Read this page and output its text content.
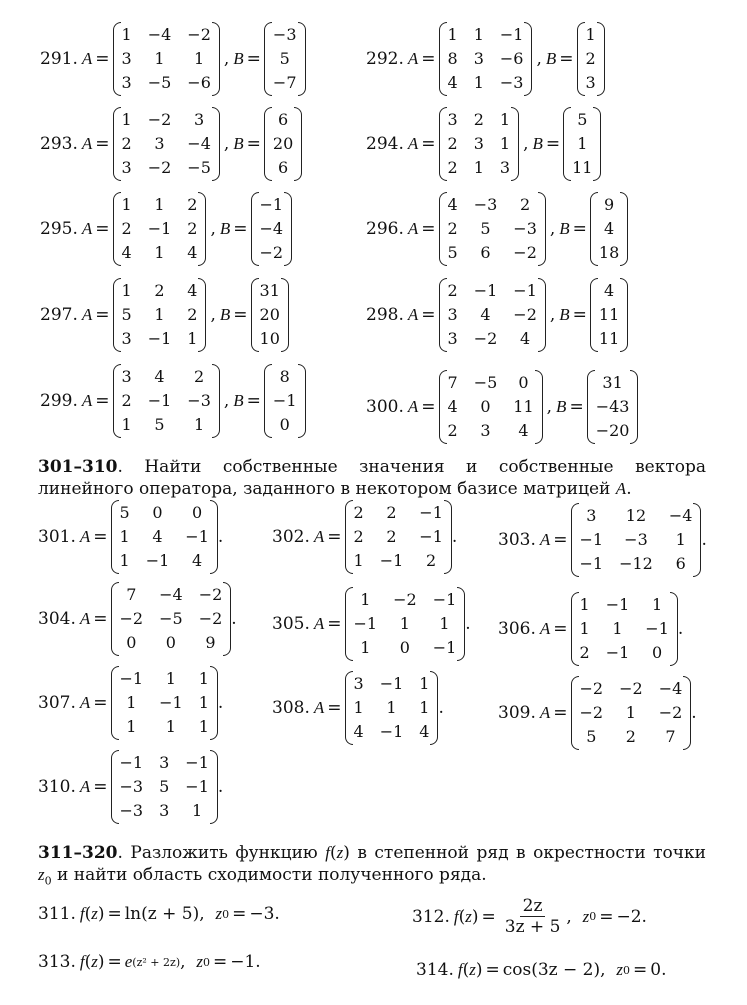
291. A =
1 −4 −2
3	1	1
3 −5 −6
, B =
−3
5
−7
292. A =
1 1 −1
8 3 −6
4 1 −3
, B =
1
2
3
293. A =
1 −2	3
2	3	−4
3 −2 −5
, B =
6
20
6
294. A =
3 2 1
2 3 1
2 1 3
, B =
5
1
11
295. A =
1	1	2
2 −1 2
4	1	4
, B =
−1
−4
−2
296. A =
4 −3	2
2	5	−3
5	6	−2
, B =
9
4
18
297. A =
1	2	4
5	1	2
3 −1 1
, B =
31
20
10
298. A =
2 −1 −1
3	4	−2
3 −2	4
, B =
4
11
11
299. A =
3	4	2
2 −1 −3
1	5	1
, B =
8
−1
0
300. A =
7 −5	0
4	0	11
2	3	4
, B =
31
−43
−20
301–310. Найти собственные значения и собственные вектора линейного оператора, заданного в некотором базисе матрицей A.
301. A =
5	0	0
1	4	−1
1 −1	4
.	302. A =
2	2	−1
2	2	−1
1 −1	2
. 303. A =
3	12	−4
−1	−3	1
−1 −12	6
.
304. A =
7	−4 −2
−2 −5 −2
0	0	9
. 305. A =
1	−2 −1
−1	1	1
1	0	−1
. 306. A =
1 −1	1
1	1	−1
2 −1	0
.
307. A =
−1	1	1
1	−1 1
1	1	1
.	308. A =
3 −1 1
1	1	1
4 −1 4
.	309. A =
−2 −2 −4
−2	1	−2
5	2	7
.
310. A =
−1 3 −1
−3 5 −1
−3 3	1
.
311–320. Разложить функцию f(z) в степенной ряд в окрестности точки $z_0$ и найти область сходимости полученного ряда.
311. f ( z ) = ln(z + 5) , z 0 = −3 .	312. f ( z ) = $\frac{2z}{3z + 5}$ , z 0 = −2 .
313. f ( z ) = e (z² + 2z) , z 0 = −1 .	314. f ( z ) = cos(3z − 2) , z 0 = 0 .
